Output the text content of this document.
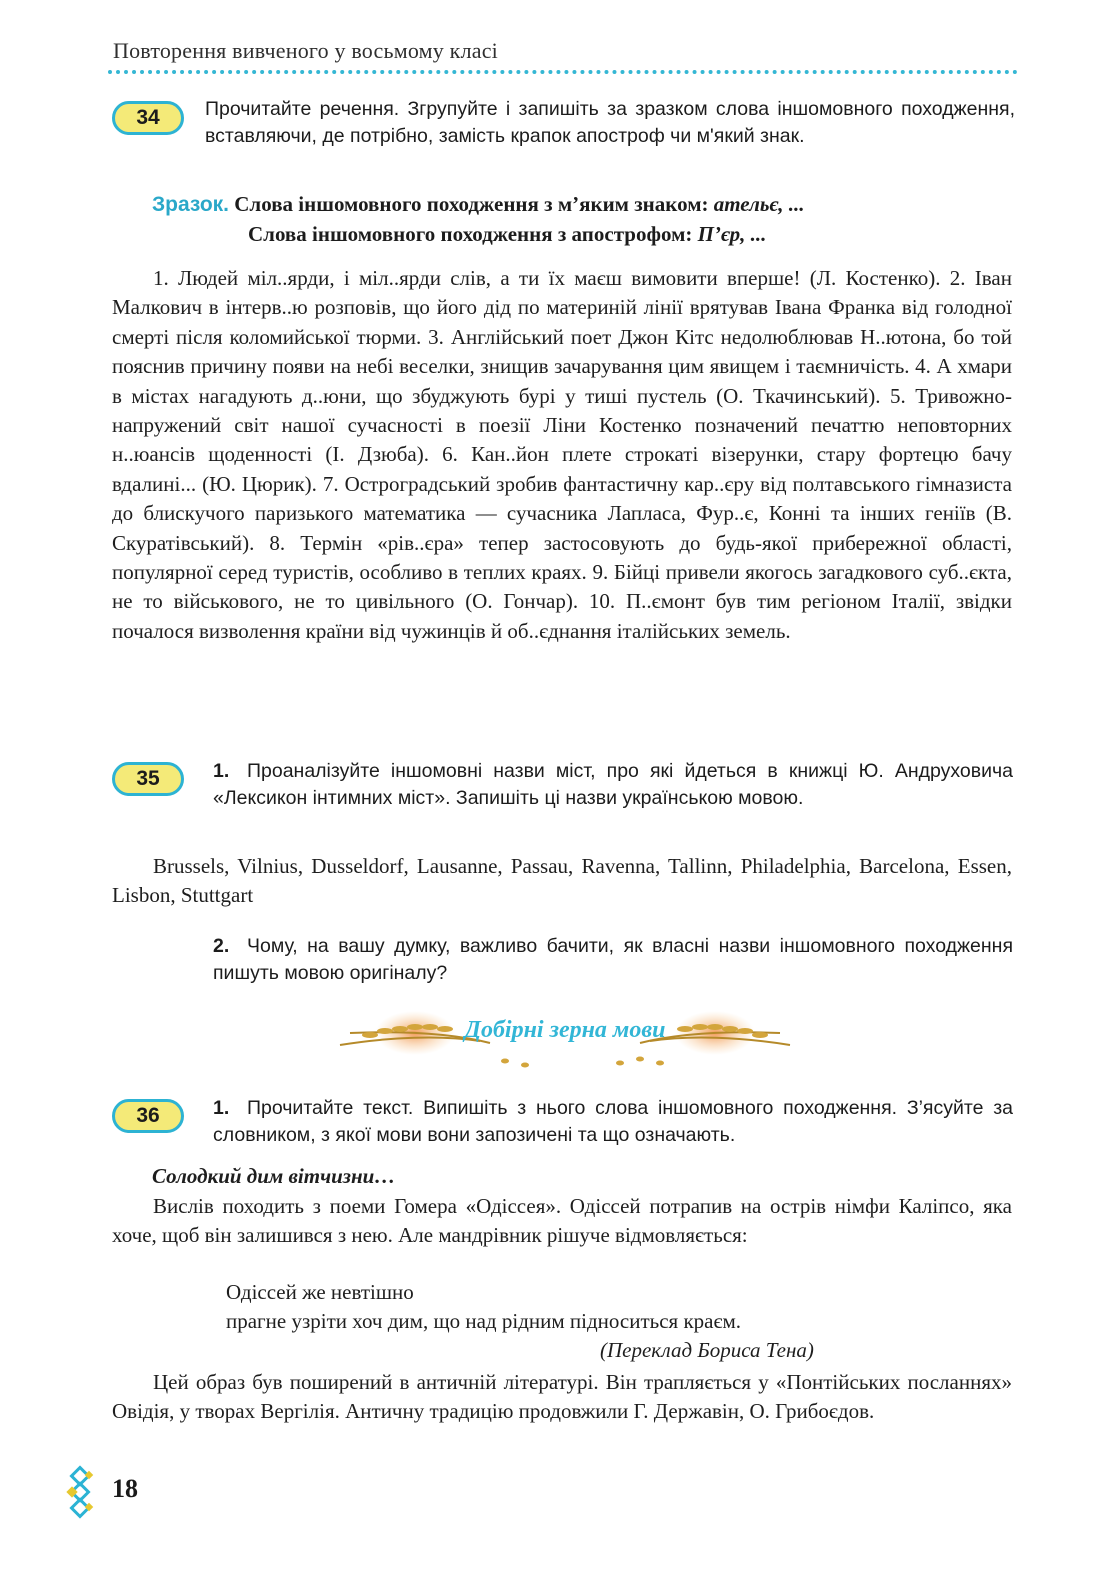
Повторення вивченого у восьмому класі
34	Прочитайте речення. Згрупуйте і запишіть за зразком слова іншомовного походження, вставляючи, де потрібно, замість крапок апостроф чи м'який знак.
Зразок. Слова іншомовного походження з м’яким знаком: ательє, ...
Слова іншомовного походження з апострофом: П’єр, ...

1. Людей міл..ярди, і міл..ярди слів, а ти їх маєш вимовити вперше! (Л. Костенко). 2. Іван Малкович в інтерв..ю розповів, що його дід по материній лінії врятував Івана Франка від голодної смерті після коломийської тюрми. 3. Англійський поет Джон Кітс недолюблював Н..ютона, бо той пояснив причину появи на небі веселки, знищив зачарування цим явищем і таємничість. 4. А хмари в містах нагадують д..юни, що збуджують бурі у тиші пустель (О. Ткачинський). 5. Тривожно-напружений світ нашої сучасності в поезії Ліни Костенко позначений печаттю неповторних н..юансів щоденності (І. Дзюба). 6. Кан..йон плете строкаті візерунки, стару фортецю бачу вдалині... (Ю. Цюрик). 7. Остроградський зробив фантастичну кар..єру від полтавського гімназиста до блискучого паризького математика — сучасника Лапласа, Фур..є, Конні та інших геніїв (В. Скуратівський). 8. Термін «рів..єра» тепер застосовують до будь-якої прибережної області, популярної серед туристів, особливо в теплих краях. 9. Бійці привели якогось загадкового суб..єкта, не то військового, не то цивільного (О. Гончар). 10. П..ємонт був тим регіоном Італії, звідки почалося визволення країни від чужинців й об..єднання італійських земель.

35	1. Проаналізуйте іншомовні назви міст, про які йдеться в книжці Ю. Андруховича «Лексикон інтимних міст». Запишіть ці назви українською мовою.

Brussels, Vilnius, Dusseldorf, Lausanne, Passau, Ravenna, Tallinn, Philadelphia, Barcelona, Essen, Lisbon, Stuttgart

2. Чому, на вашу думку, важливо бачити, як власні назви іншомовного походження пишуть мовою оригіналу?
Добірні зерна мови
36	1. Прочитайте текст. Випишіть з нього слова іншомовного походження. З’ясуйте за словником, з якої мови вони запозичені та що означають.
Солодкий дим вітчизни…

Вислів походить з поеми Гомера «Одіссея». Одіссей потрапив на острів німфи Каліпсо, яка хоче, щоб він залишився з нею. Але мандрівник рішуче відмовляється:

Одіссей же невтішно
прагне узріти хоч дим, що над рідним підноситься краєм.
(Переклад Бориса Тена)

Цей образ був поширений в античній літературі. Він трапляється у «Понтійських посланнях» Овідія, у творах Вергілія. Античну традицію продовжили Г. Державін, О. Грибоєдов.

18
